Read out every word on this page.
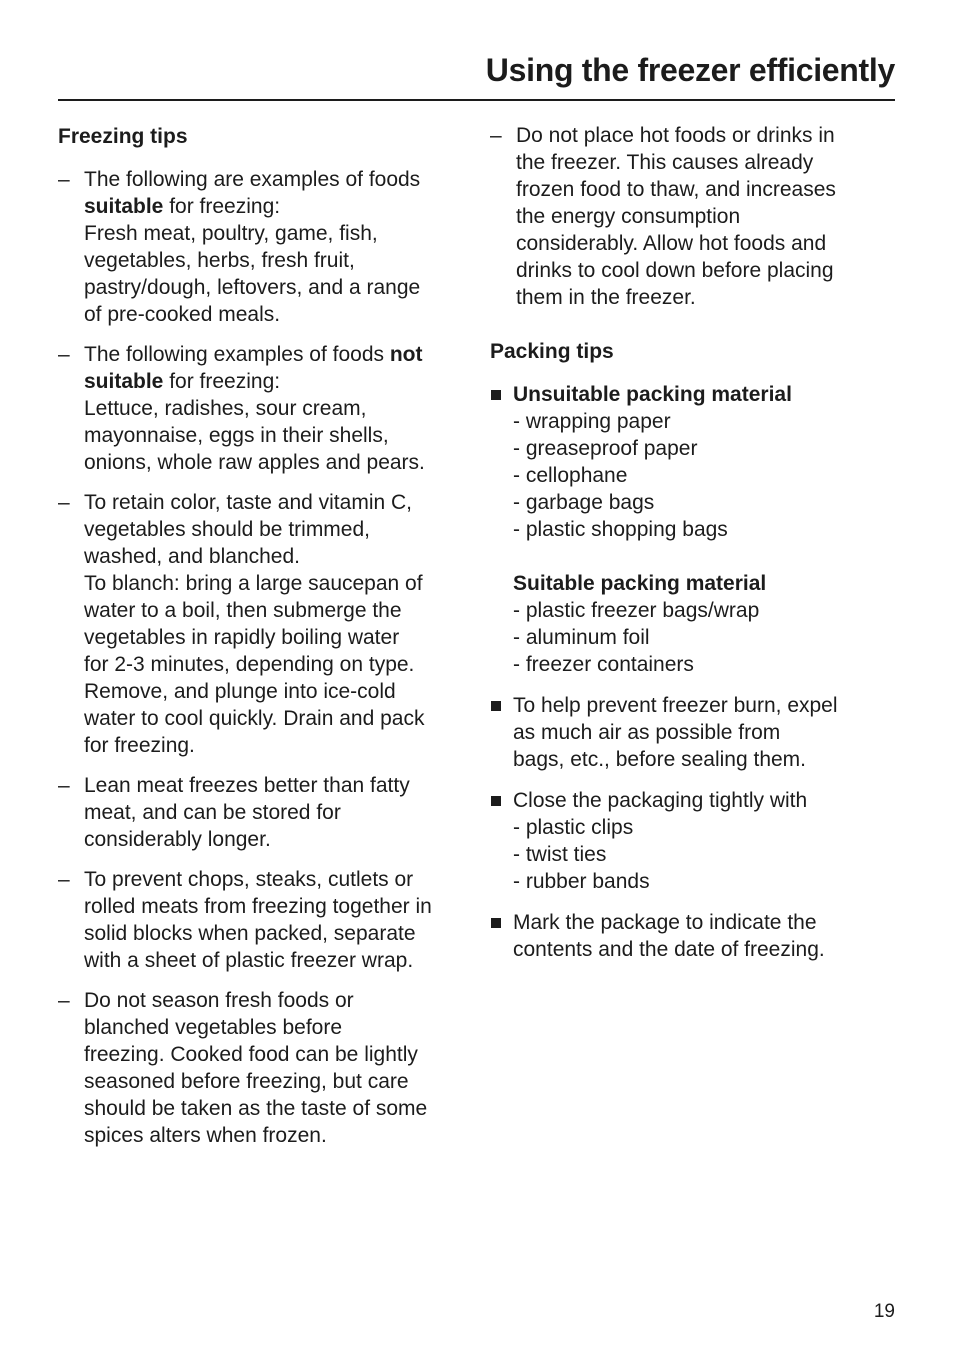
Using the freezer efficiently
Freezing tips
– The following are examples of foods
suitable for freezing:
Fresh meat, poultry, game, fish,
vegetables, herbs, fresh fruit,
pastry/dough, leftovers, and a range
of pre-cooked meals.
– The following examples of foods not
suitable for freezing:
Lettuce, radishes, sour cream,
mayonnaise, eggs in their shells,
onions, whole raw apples and pears.
– To retain color, taste and vitamin C,
vegetables should be trimmed,
washed, and blanched.
To blanch: bring a large saucepan of
water to a boil, then submerge the
vegetables in rapidly boiling water
for 2-3 minutes, depending on type.
Remove, and plunge into ice-cold
water to cool quickly. Drain and pack
for freezing.
– Lean meat freezes better than fatty
meat, and can be stored for
considerably longer.
– To prevent chops, steaks, cutlets or
rolled meats from freezing together in
solid blocks when packed, separate
with a sheet of plastic freezer wrap.
– Do not season fresh foods or
blanched vegetables before
freezing. Cooked food can be lightly
seasoned before freezing, but care
should be taken as the taste of some
spices alters when frozen.
– Do not place hot foods or drinks in
the freezer. This causes already
frozen food to thaw, and increases
the energy consumption
considerably. Allow hot foods and
drinks to cool down before placing
them in the freezer.
Packing tips
Unsuitable packing material
- wrapping paper
- greaseproof paper
- cellophane
- garbage bags
- plastic shopping bags
Suitable packing material
- plastic freezer bags/wrap
- aluminum foil
- freezer containers
To help prevent freezer burn, expel
as much air as possible from
bags, etc., before sealing them.
Close the packaging tightly with
- plastic clips
- twist ties
- rubber bands
Mark the package to indicate the
contents and the date of freezing.
19
